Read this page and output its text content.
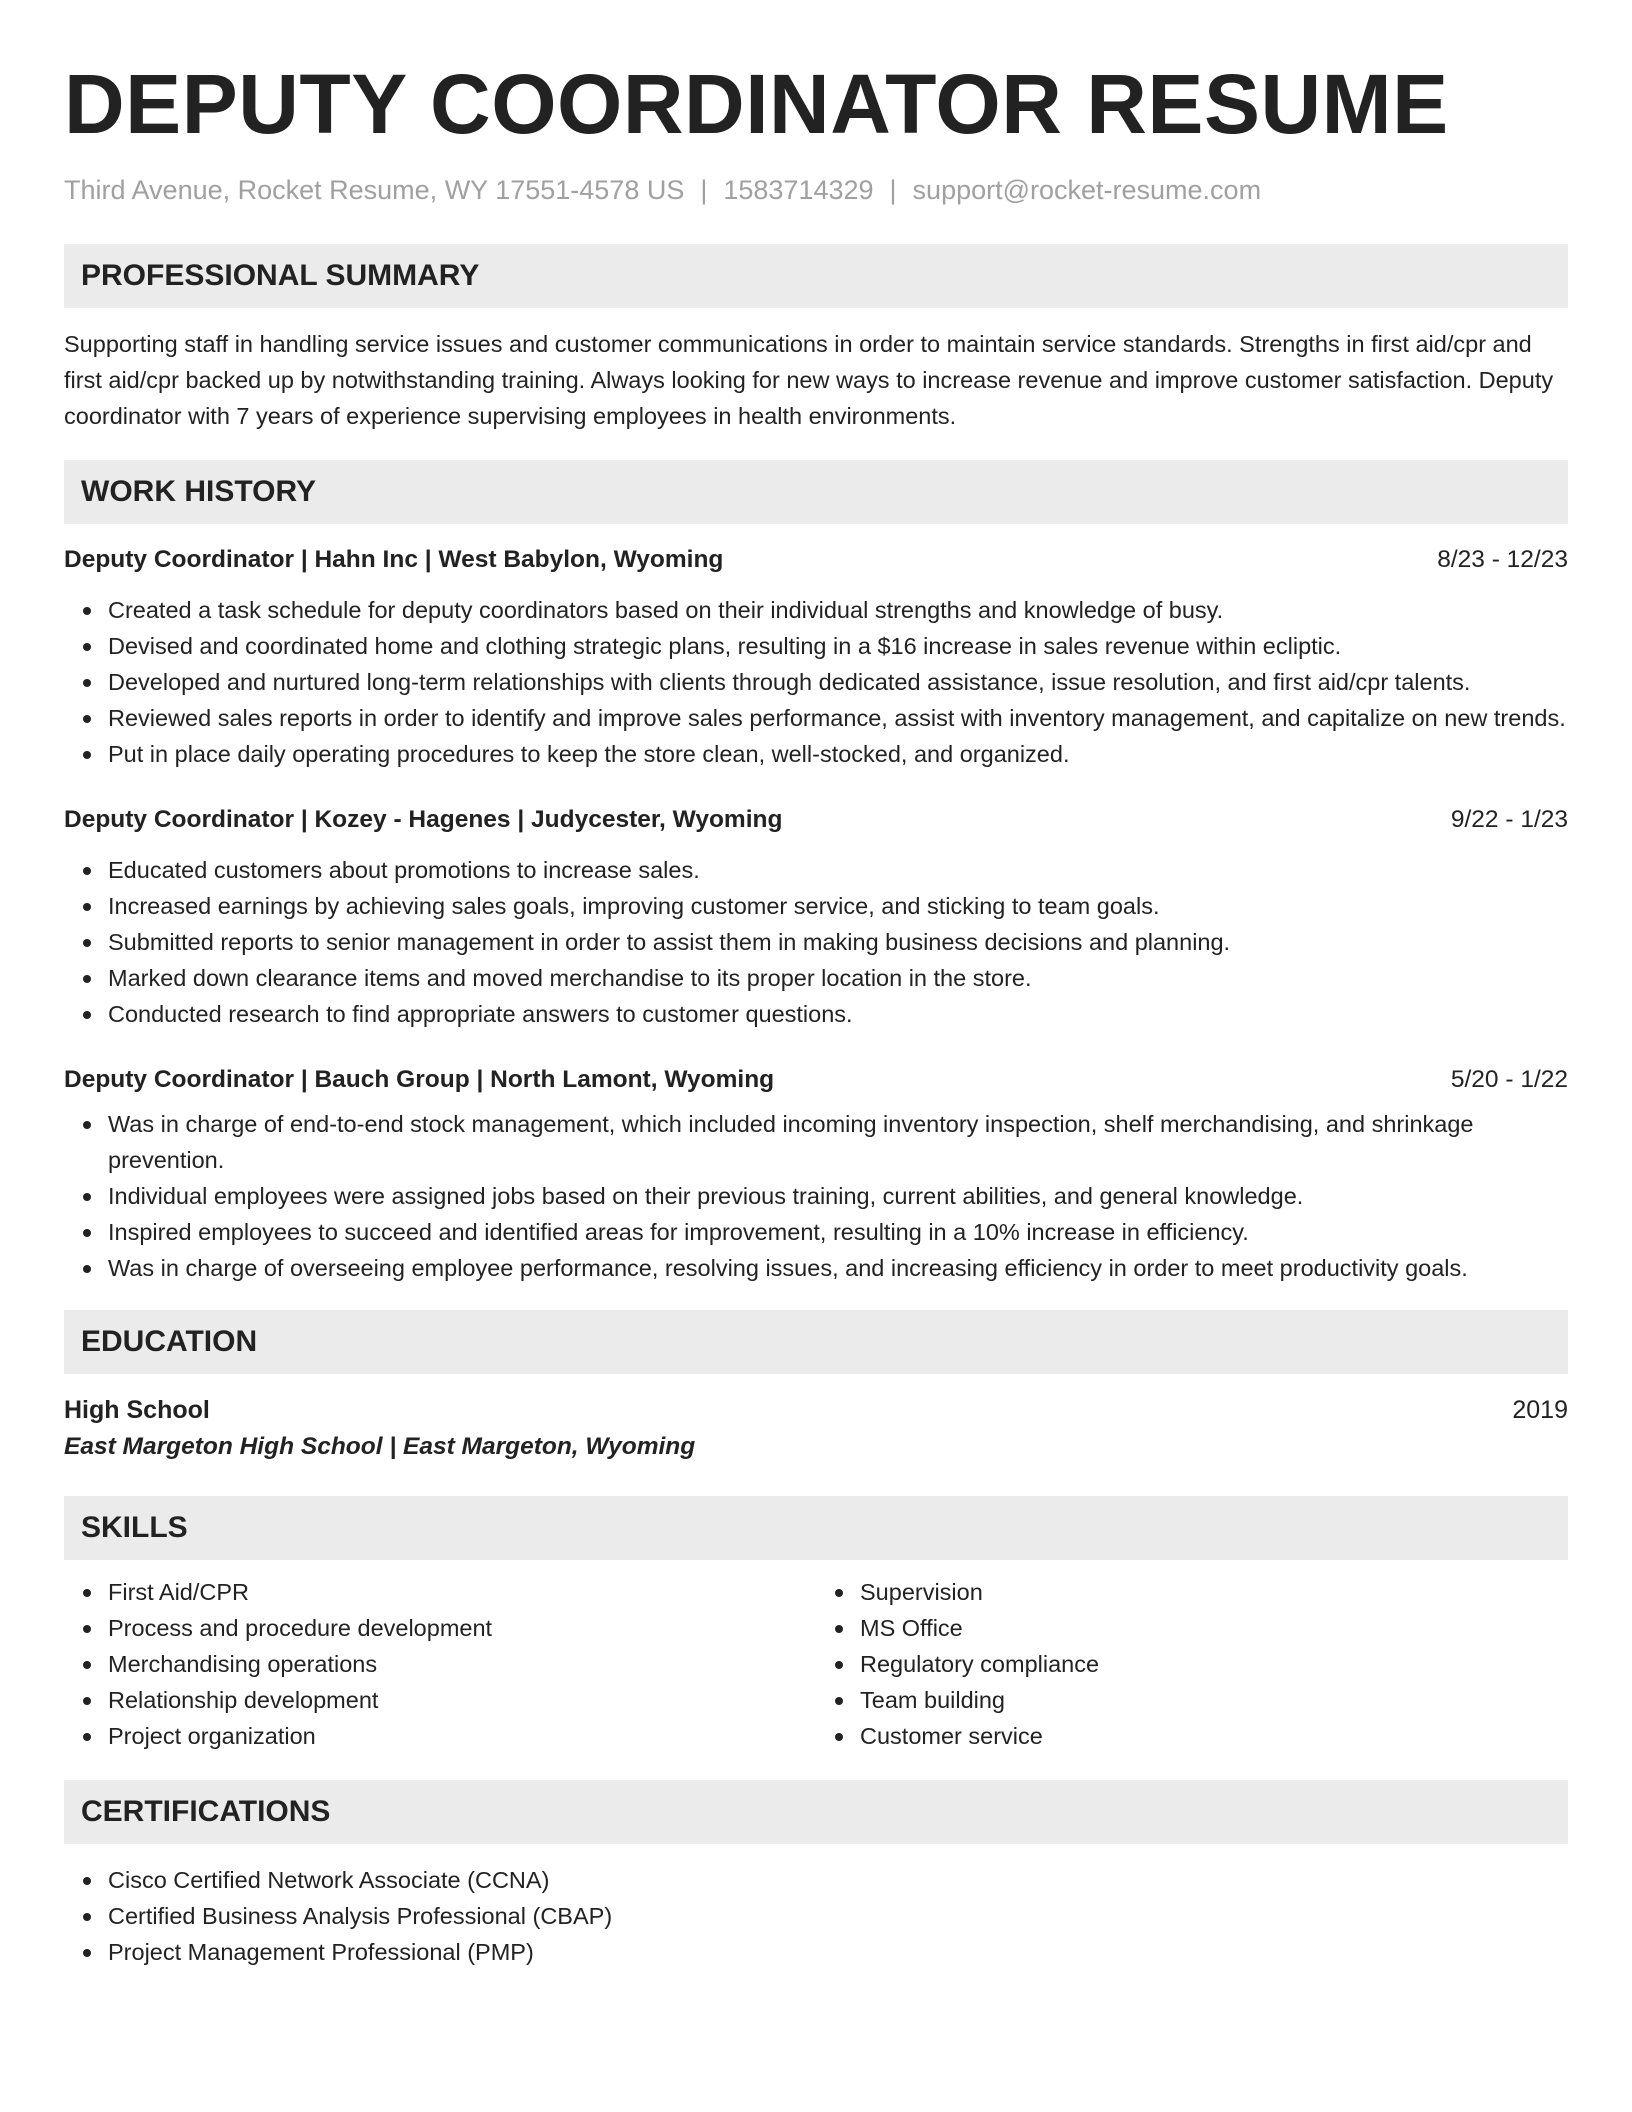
DEPUTY COORDINATOR RESUME
Third Avenue, Rocket Resume, WY 17551-4578 US | 1583714329 | support@rocket-resume.com
PROFESSIONAL SUMMARY
Supporting staff in handling service issues and customer communications in order to maintain service standards. Strengths in first aid/cpr and first aid/cpr backed up by notwithstanding training. Always looking for new ways to increase revenue and improve customer satisfaction. Deputy coordinator with 7 years of experience supervising employees in health environments.
WORK HISTORY
Deputy Coordinator | Hahn Inc | West Babylon, Wyoming	8/23 - 12/23
Created a task schedule for deputy coordinators based on their individual strengths and knowledge of busy.
Devised and coordinated home and clothing strategic plans, resulting in a $16 increase in sales revenue within ecliptic.
Developed and nurtured long-term relationships with clients through dedicated assistance, issue resolution, and first aid/cpr talents.
Reviewed sales reports in order to identify and improve sales performance, assist with inventory management, and capitalize on new trends.
Put in place daily operating procedures to keep the store clean, well-stocked, and organized.
Deputy Coordinator | Kozey - Hagenes | Judycester, Wyoming	9/22 - 1/23
Educated customers about promotions to increase sales.
Increased earnings by achieving sales goals, improving customer service, and sticking to team goals.
Submitted reports to senior management in order to assist them in making business decisions and planning.
Marked down clearance items and moved merchandise to its proper location in the store.
Conducted research to find appropriate answers to customer questions.
Deputy Coordinator | Bauch Group | North Lamont, Wyoming	5/20 - 1/22
Was in charge of end-to-end stock management, which included incoming inventory inspection, shelf merchandising, and shrinkage prevention.
Individual employees were assigned jobs based on their previous training, current abilities, and general knowledge.
Inspired employees to succeed and identified areas for improvement, resulting in a 10% increase in efficiency.
Was in charge of overseeing employee performance, resolving issues, and increasing efficiency in order to meet productivity goals.
EDUCATION
High School	2019
East Margeton High School | East Margeton, Wyoming
SKILLS
First Aid/CPR
Process and procedure development
Merchandising operations
Relationship development
Project organization
Supervision
MS Office
Regulatory compliance
Team building
Customer service
CERTIFICATIONS
Cisco Certified Network Associate (CCNA)
Certified Business Analysis Professional (CBAP)
Project Management Professional (PMP)
